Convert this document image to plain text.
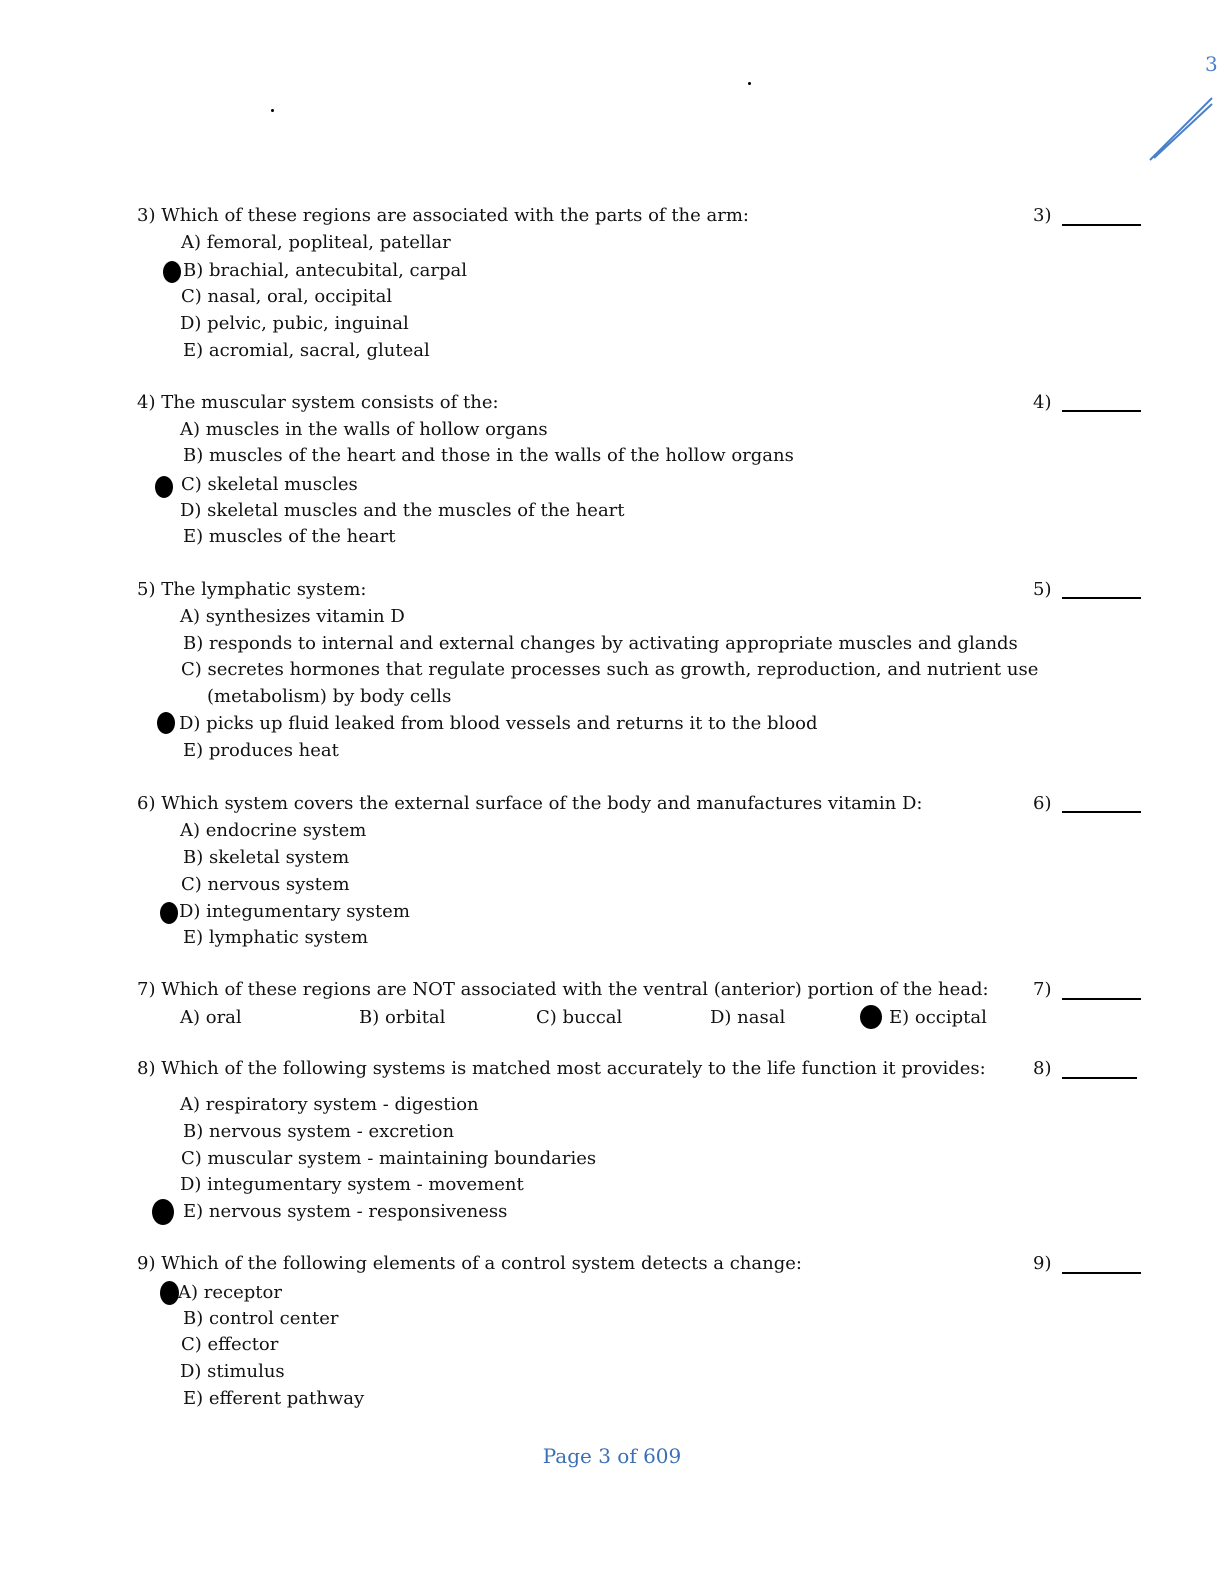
3
3) Which of these regions are associated with the parts of the arm:	3)
A) femoral, popliteal, patellar
B) brachial, antecubital, carpal
C) nasal, oral, occipital
D) pelvic, pubic, inguinal
E) acromial, sacral, gluteal
4) The muscular system consists of the:	4)
A) muscles in the walls of hollow organs
B) muscles of the heart and those in the walls of the hollow organs
C) skeletal muscles
D) skeletal muscles and the muscles of the heart
E) muscles of the heart
5) The lymphatic system:	5)
A) synthesizes vitamin D
B) responds to internal and external changes by activating appropriate muscles and glands
C) secretes hormones that regulate processes such as growth, reproduction, and nutrient use
(metabolism) by body cells
D) picks up fluid leaked from blood vessels and returns it to the blood
E) produces heat
6) Which system covers the external surface of the body and manufactures vitamin D:	6)
A) endocrine system
B) skeletal system
C) nervous system
D) integumentary system
E) lymphatic system
7) Which of these regions are NOT associated with the ventral (anterior) portion of the head: 7)
A) oral	B) orbital	C) buccal	D) nasal	E) occiptal
8) Which of the following systems is matched most accurately to the life function it provides:	8)
A) respiratory system - digestion
B) nervous system - excretion
C) muscular system - maintaining boundaries
D) integumentary system - movement
E) nervous system - responsiveness
9) Which of the following elements of a control system detects a change:	9)
A) receptor
B) control center
C) effector
D) stimulus
E) efferent pathway
Page 3 of 609
